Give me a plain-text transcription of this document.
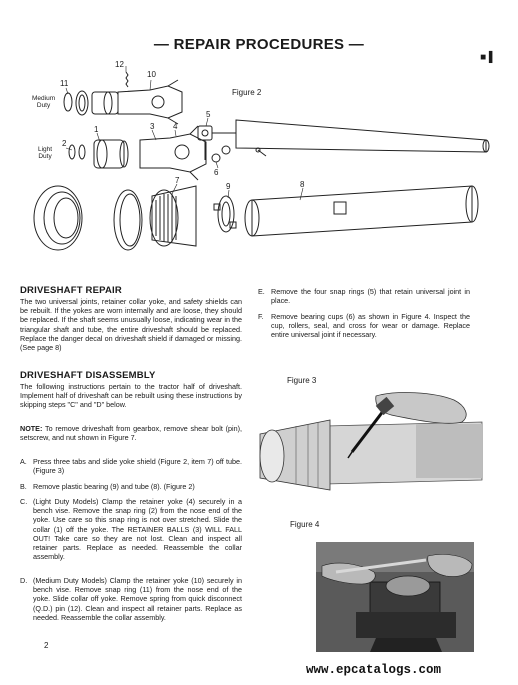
— REPAIR PROCEDURES —
■ ▌
Figure 2
11
12
10
2
1	3 4
5
6
7
9	8
Medium
Duty
Light
Duty
DRIVESHAFT REPAIR
The two universal joints, retainer collar yoke, and safety shields can be rebuilt. If the yokes are worn internally and are loose, they should be replaced. If the shaft seems unusually loose, indicating wear in the triangular shaft and tube, the entire driveshaft should be replaced. Replace the danger decal on driveshaft shield if damaged or missing. (See page 8)
DRIVESHAFT DISASSEMBLY
The following instructions pertain to the tractor half of driveshaft. Implement half of driveshaft can be rebuilt using these instructions by skipping steps "C" and "D" below.
NOTE: To remove driveshaft from gearbox, remove shear bolt (pin), setscrew, and nut shown in Figure 7.
A. Press three tabs and slide yoke shield (Figure 2, item 7) off tube. (Figure 3)
B. Remove plastic bearing (9) and tube (8). (Figure 2)
C. (Light Duty Models) Clamp the retainer yoke (4) securely in a bench vise. Remove the snap ring (2) from the nose end of the yoke. Use care so this snap ring is not over stretched. Slide the collar (1) off the yoke. The RETAINER BALLS (3) WILL FALL OUT! Take care so they are not lost. Clean and inspect all retainer parts. Replace as needed. Reassemble the collar assembly.
D. (Medium Duty Models) Clamp the retainer yoke (10) securely in bench vise. Remove snap ring (11) from the nose end of the yoke. Slide collar off yoke. Remove spring from quick disconnect (Q.D.) pin (12). Clean and inspect all retainer parts. Replace as needed. Reassemble the collar assembly.
E. Remove the four snap rings (5) that retain universal joint in place.
F. Remove bearing cups (6) as shown in Figure 4. Inspect the cup, rollers, seal, and cross for wear or damage. Replace entire universal joint if necessary.
Figure 3
Figure 4
2
www.epcatalogs.com
